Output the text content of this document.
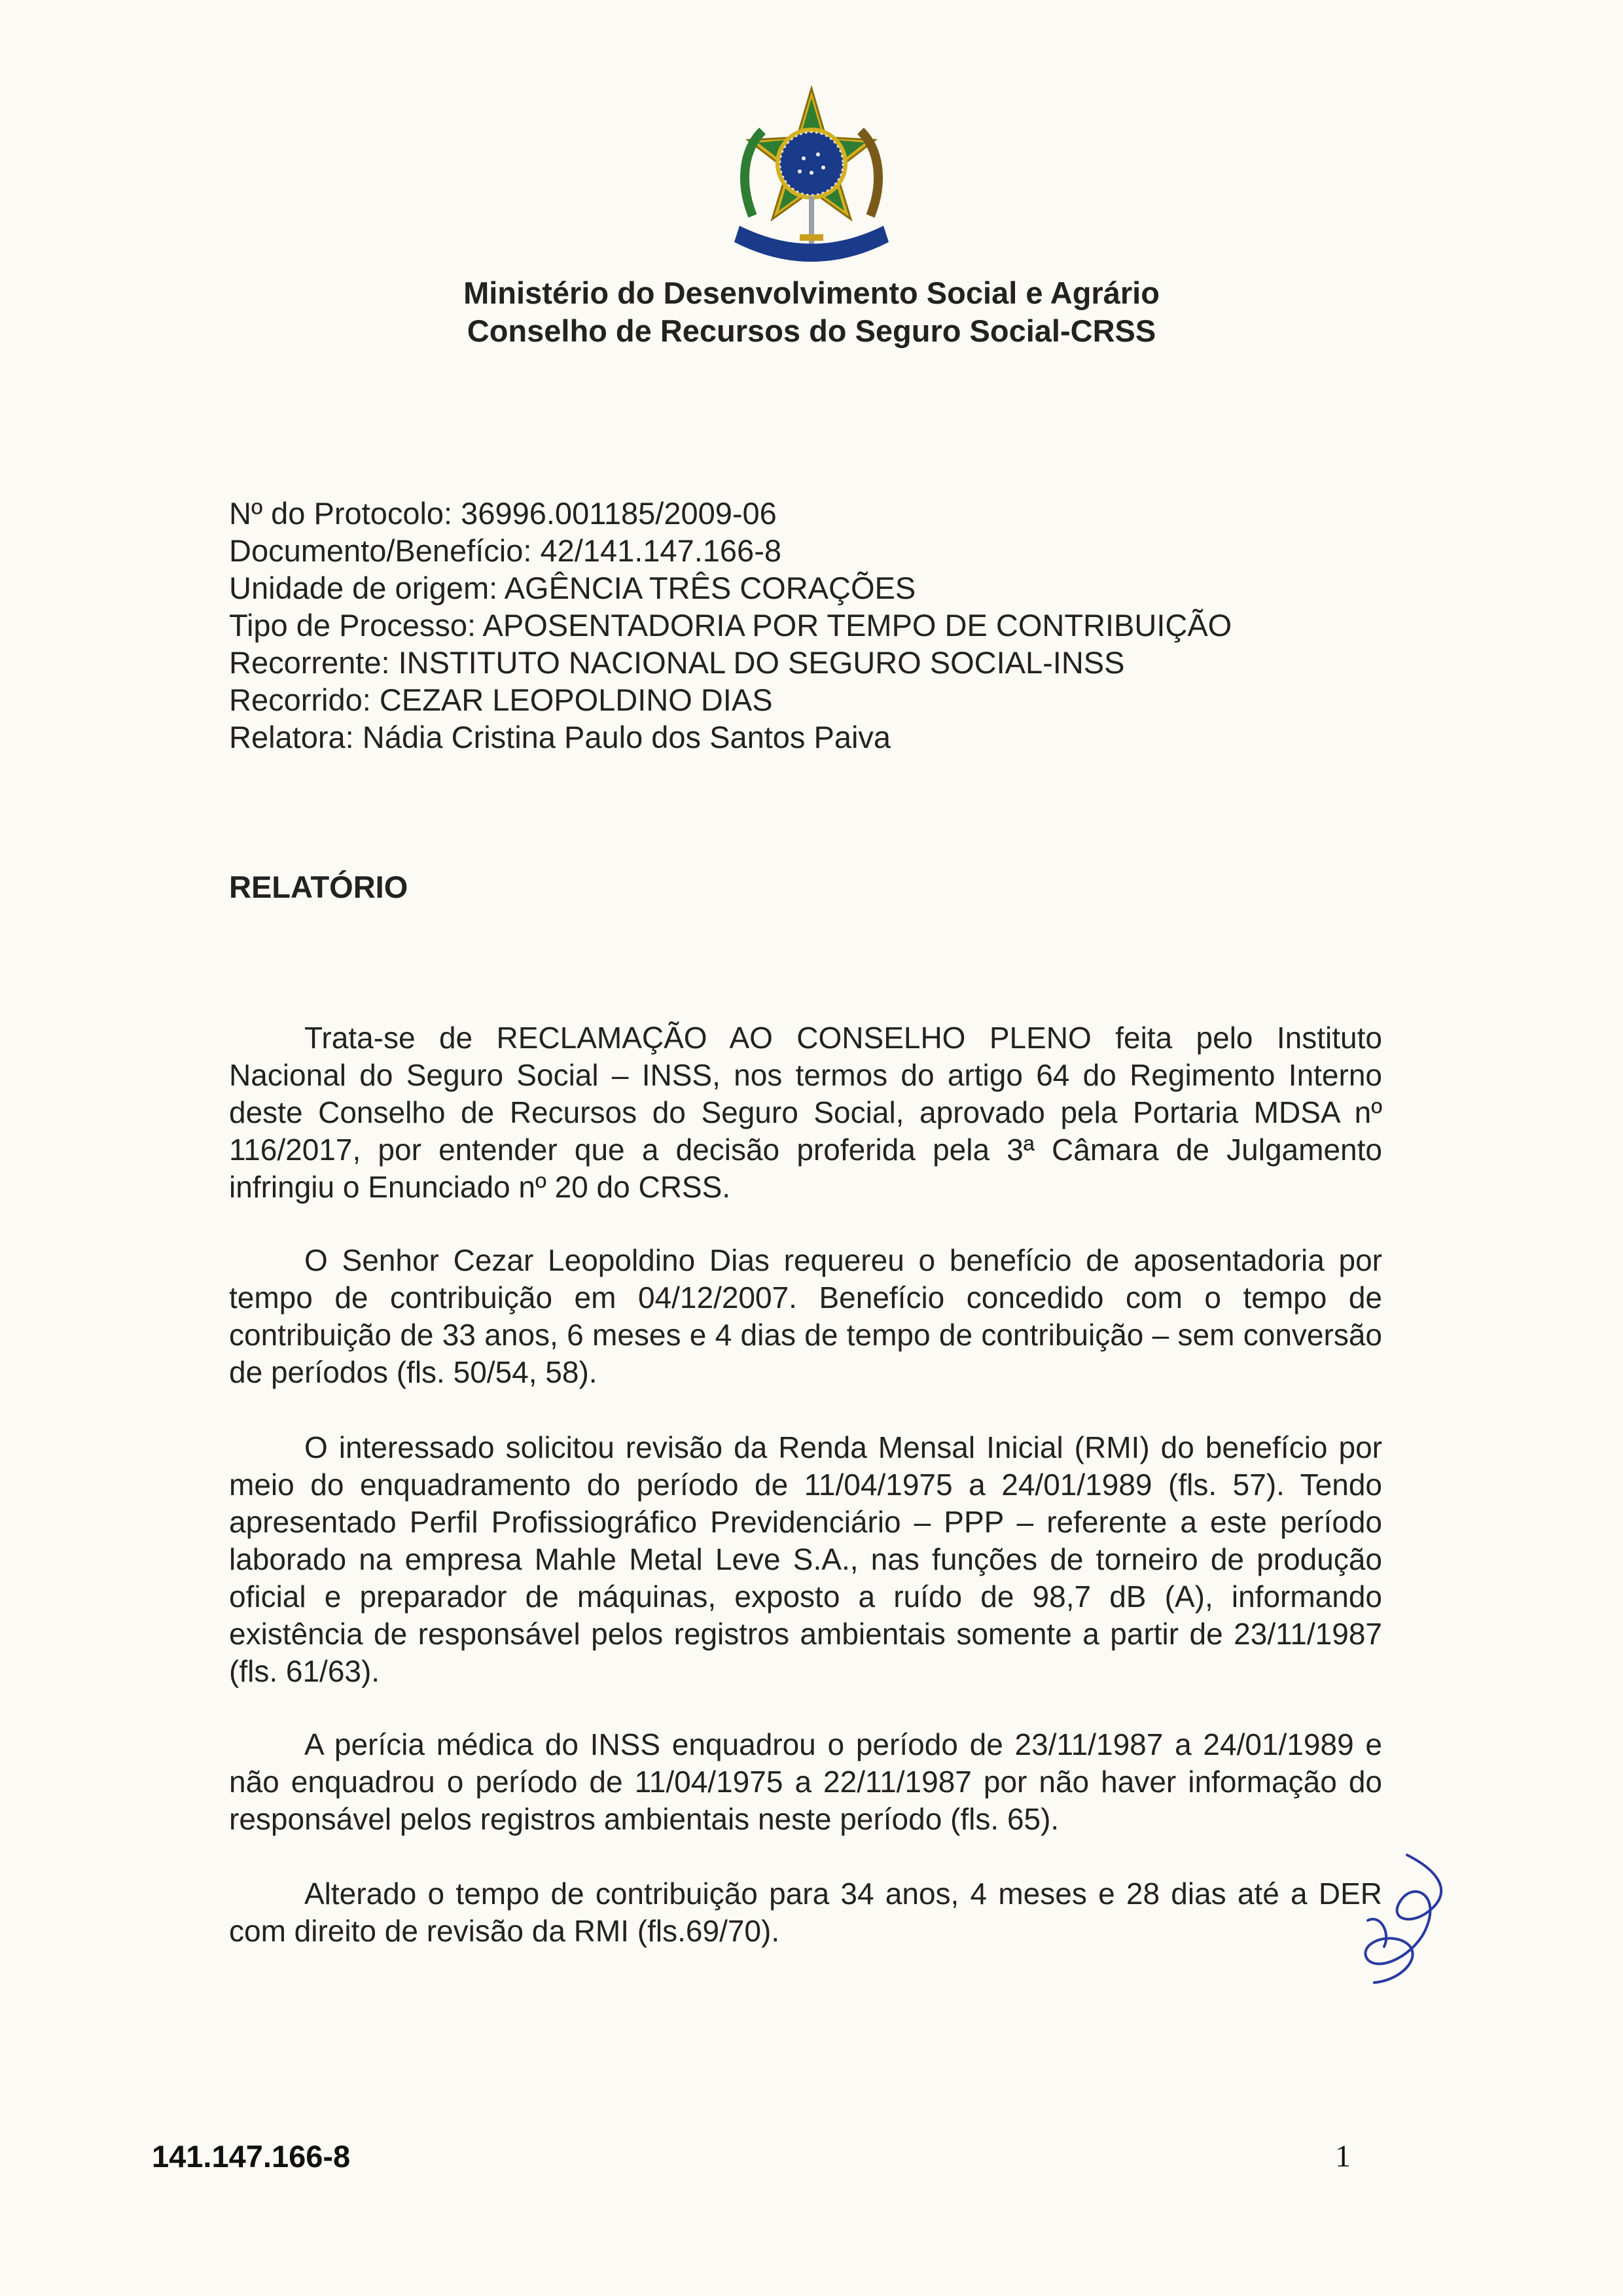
Ministério do Desenvolvimento Social e Agrário
Conselho de Recursos do Seguro Social-CRSS
Nº do Protocolo: 36996.001185/2009-06
Documento/Benefício: 42/141.147.166-8
Unidade de origem: AGÊNCIA TRÊS CORAÇÕES
Tipo de Processo: APOSENTADORIA POR TEMPO DE CONTRIBUIÇÃO
Recorrente: INSTITUTO NACIONAL DO SEGURO SOCIAL-INSS
Recorrido: CEZAR LEOPOLDINO DIAS
Relatora: Nádia Cristina Paulo dos Santos Paiva
RELATÓRIO

Trata-se de RECLAMAÇÃO AO CONSELHO PLENO feita pelo Instituto Nacional do Seguro Social – INSS, nos termos do artigo 64 do Regimento Interno deste Conselho de Recursos do Seguro Social, aprovado pela Portaria MDSA nº 116/2017, por entender que a decisão proferida pela 3ª Câmara de Julgamento infringiu o Enunciado nº 20 do CRSS.

O Senhor Cezar Leopoldino Dias requereu o benefício de aposentadoria por tempo de contribuição em 04/12/2007. Benefício concedido com o tempo de contribuição de 33 anos, 6 meses e 4 dias de tempo de contribuição – sem conversão de períodos (fls. 50/54, 58).

O interessado solicitou revisão da Renda Mensal Inicial (RMI) do benefício por meio do enquadramento do período de 11/04/1975 a 24/01/1989 (fls. 57). Tendo apresentado Perfil Profissiográfico Previdenciário – PPP – referente a este período laborado na empresa Mahle Metal Leve S.A., nas funções de torneiro de produção oficial e preparador de máquinas, exposto a ruído de 98,7 dB (A), informando existência de responsável pelos registros ambientais somente a partir de 23/11/1987 (fls. 61/63).

A perícia médica do INSS enquadrou o período de 23/11/1987 a 24/01/1989 e não enquadrou o período de 11/04/1975 a 22/11/1987 por não haver informação do responsável pelos registros ambientais neste período (fls. 65).

Alterado o tempo de contribuição para 34 anos, 4 meses e 28 dias até a DER com direito de revisão da RMI (fls.69/70).

141.147.166-8	1
